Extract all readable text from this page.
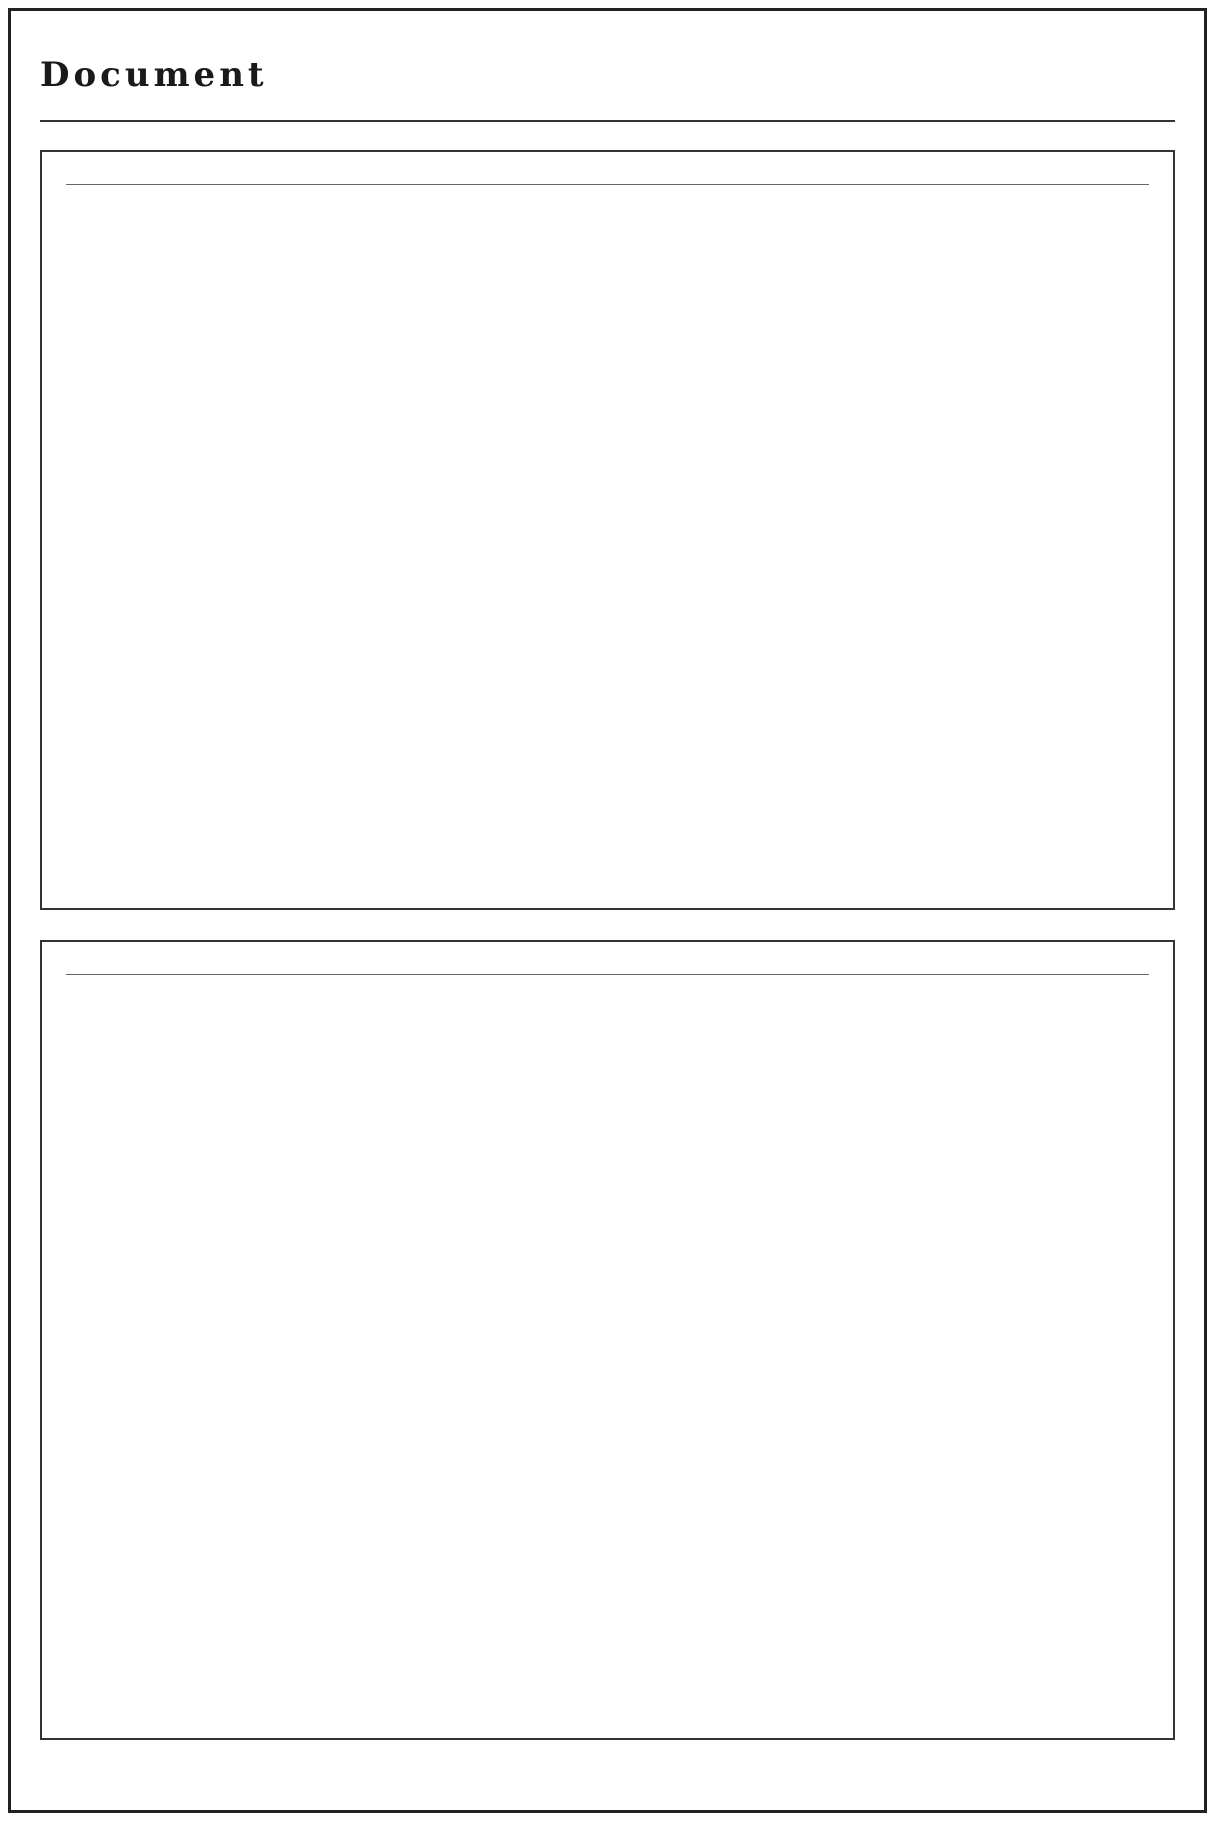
Document
